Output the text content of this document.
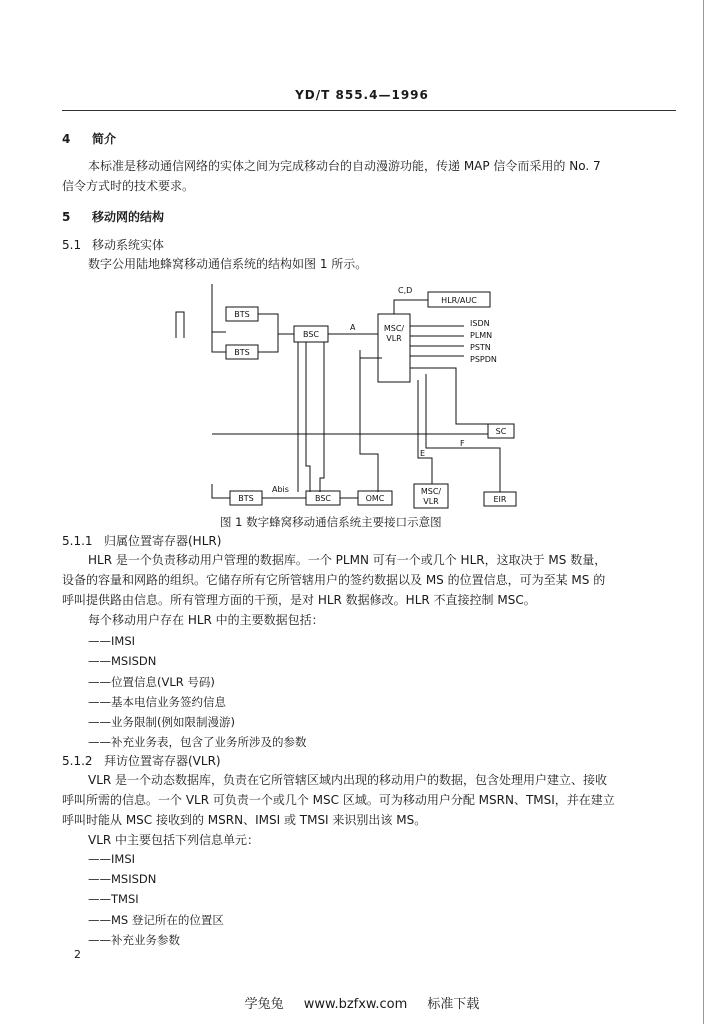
YD/T 855.4—1996
4 简介
本标准是移动通信网络的实体之间为完成移动台的自动漫游功能，传递 MAP 信令而采用的 No. 7
信令方式时的技术要求。
5 移动网的结构
5.1 移动系统实体
数字公用陆地蜂窝移动通信系统的结构如图 1 所示。
BTS
BTS
BSC
MSC/
VLR
HLR/AUC
C,D
A	ISDN
PLMN
PSTN
PSPDN
SC
F
E
BTS
Abis
BSC	OMC
MSC/
VLR	EIR
图 1 数字蜂窝移动通信系统主要接口示意图
5.1.1 归属位置寄存器(HLR)
HLR 是一个负责移动用户管理的数据库。一个 PLMN 可有一个或几个 HLR，这取决于 MS 数量，
设备的容量和网路的组织。它储存所有它所管辖用户的签约数据以及 MS 的位置信息，可为至某 MS 的
呼叫提供路由信息。所有管理方面的干预，是对 HLR 数据修改。HLR 不直接控制 MSC。
每个移动用户存在 HLR 中的主要数据包括：
——IMSI
——MSISDN
——位置信息(VLR 号码)
——基本电信业务签约信息
——业务限制(例如限制漫游)
——补充业务表，包含了业务所涉及的参数
5.1.2 拜访位置寄存器(VLR)
VLR 是一个动态数据库，负责在它所管辖区域内出现的移动用户的数据，包含处理用户建立、接收
呼叫所需的信息。一个 VLR 可负责一个或几个 MSC 区域。可为移动用户分配 MSRN、TMSI，并在建立
呼叫时能从 MSC 接收到的 MSRN、IMSI 或 TMSI 来识别出该 MS。
VLR 中主要包括下列信息单元：
——IMSI
——MSISDN
——TMSI
——MS 登记所在的位置区
——补充业务参数
2
学兔兔 www.bzfxw.com 标准下载
